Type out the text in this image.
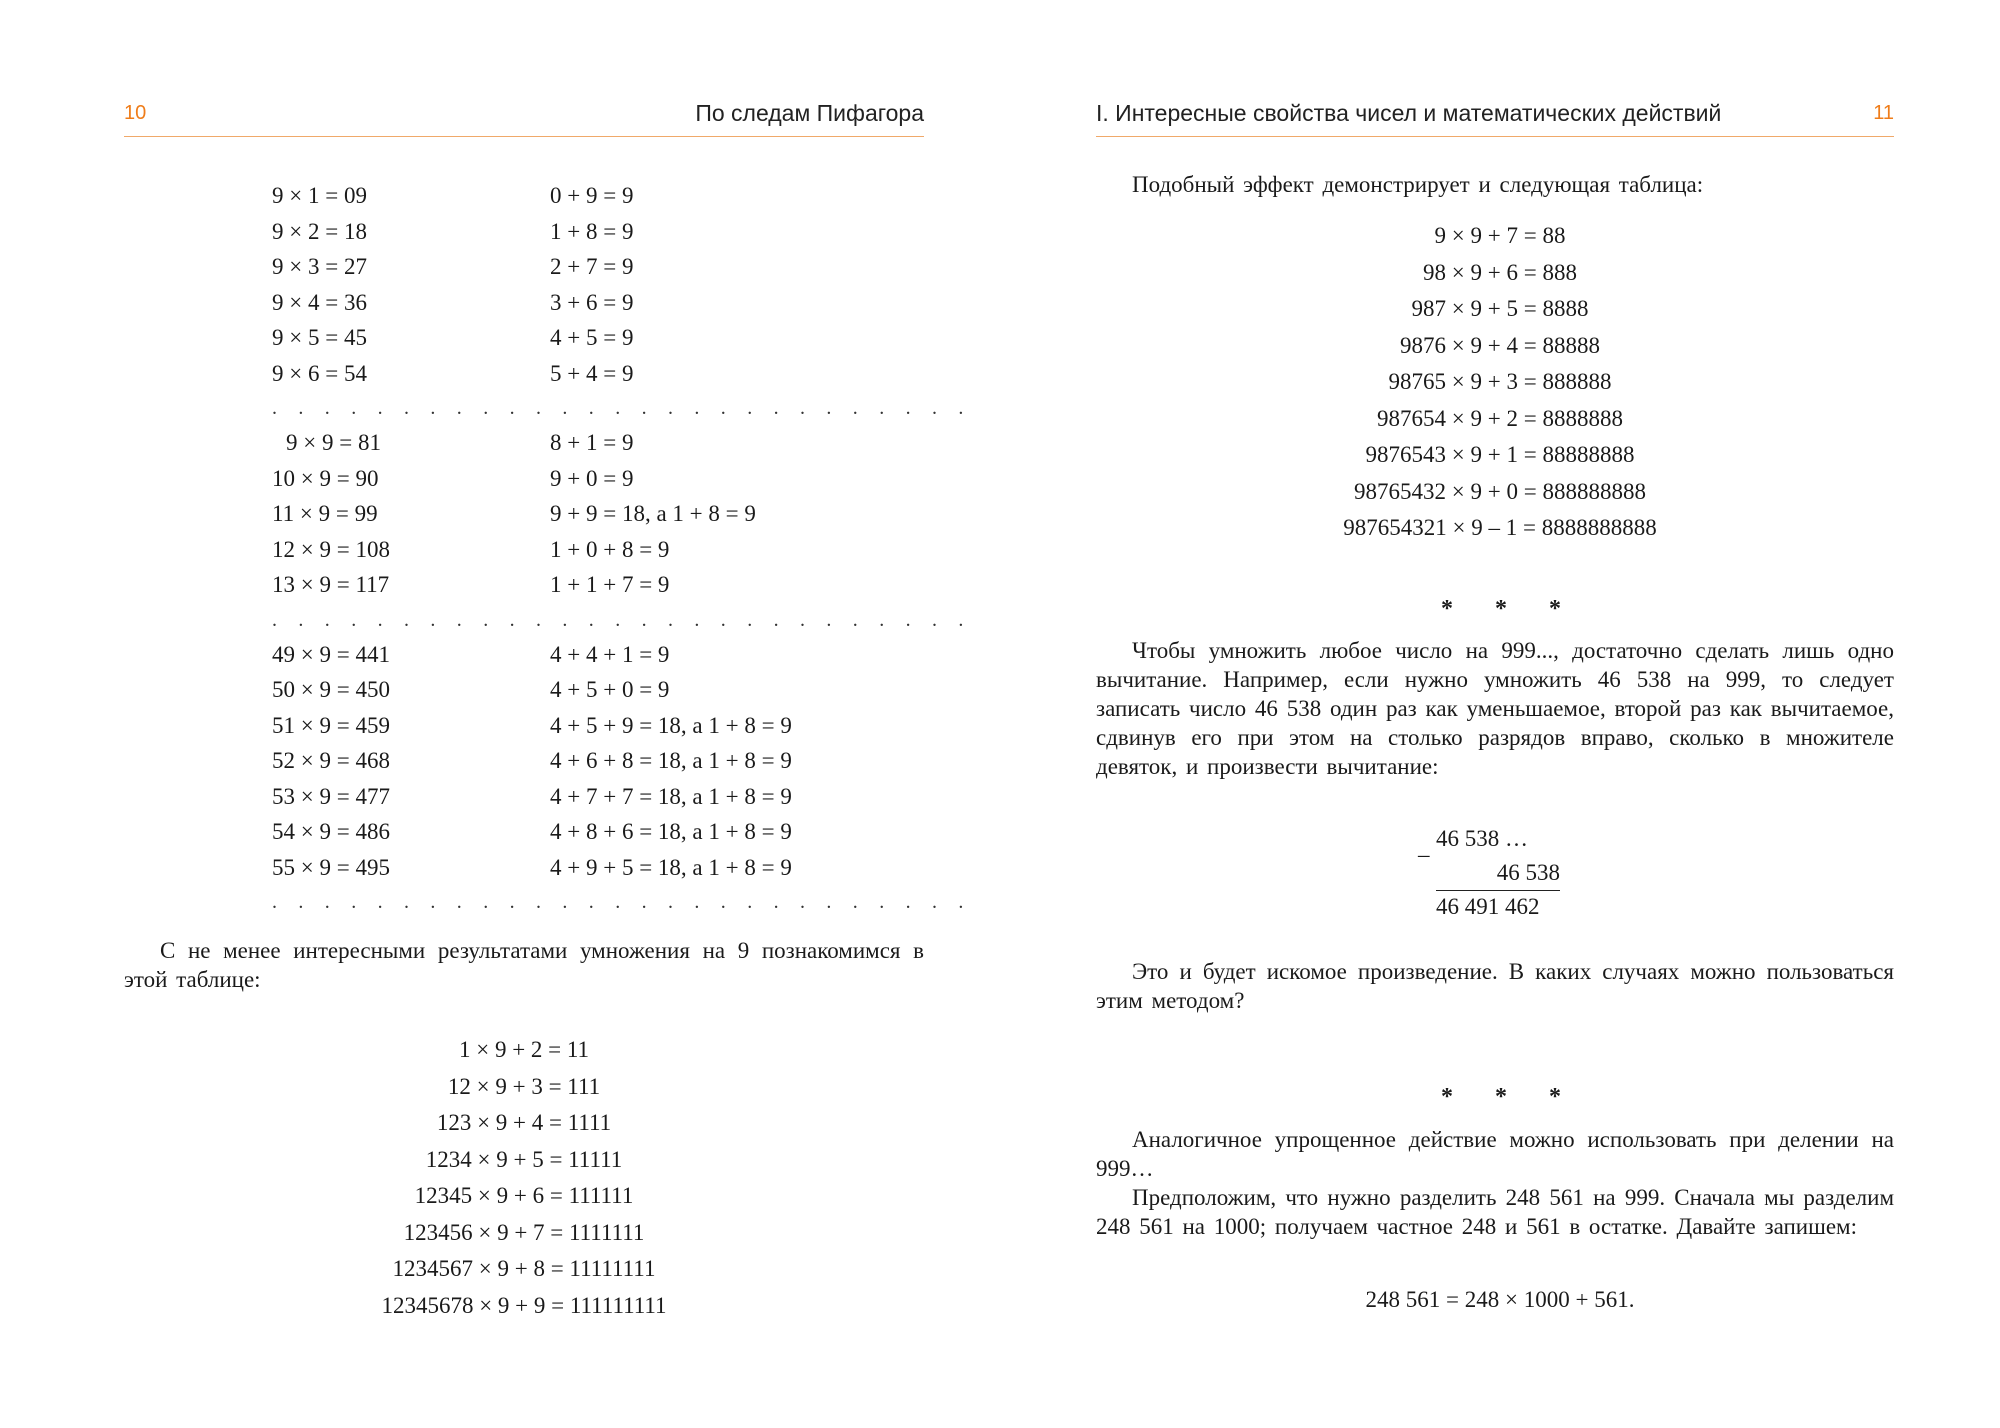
10	По следам Пифагора
9 × 1 = 09	0 + 9 = 9
9 × 2 = 18	1 + 8 = 9
9 × 3 = 27	2 + 7 = 9
9 × 4 = 36	3 + 6 = 9
9 × 5 = 45	4 + 5 = 9
9 × 6 = 54	5 + 4 = 9
. . . . . . . . . . . . . . . . . . . . . . . . . . .
9 × 9 = 81	8 + 1 = 9
10 × 9 = 90	9 + 0 = 9
11 × 9 = 99	9 + 9 = 18, а 1 + 8 = 9
12 × 9 = 108	1 + 0 + 8 = 9
13 × 9 = 117	1 + 1 + 7 = 9
. . . . . . . . . . . . . . . . . . . . . . . . . . .
49 × 9 = 441	4 + 4 + 1 = 9
50 × 9 = 450	4 + 5 + 0 = 9
51 × 9 = 459	4 + 5 + 9 = 18, а 1 + 8 = 9
52 × 9 = 468	4 + 6 + 8 = 18, а 1 + 8 = 9
53 × 9 = 477	4 + 7 + 7 = 18, а 1 + 8 = 9
54 × 9 = 486	4 + 8 + 6 = 18, а 1 + 8 = 9
55 × 9 = 495	4 + 9 + 5 = 18, а 1 + 8 = 9
. . . . . . . . . . . . . . . . . . . . . . . . . . .

С не менее интересными результатами умножения на 9 познакомимся в этой таблице:

1 × 9 + 2 = 11
12 × 9 + 3 = 111
123 × 9 + 4 = 1111
1234 × 9 + 5 = 11111
12345 × 9 + 6 = 111111
123456 × 9 + 7 = 1111111
1234567 × 9 + 8 = 11111111
12345678 × 9 + 9 = 111111111
I. Интересные свойства чисел и математических действий	11

Подобный эффект демонстрирует и следующая таблица:

9 × 9 + 7 = 88
98 × 9 + 6 = 888
987 × 9 + 5 = 8888
9876 × 9 + 4 = 88888
98765 × 9 + 3 = 888888
987654 × 9 + 2 = 8888888
9876543 × 9 + 1 = 88888888
98765432 × 9 + 0 = 888888888
987654321 × 9 – 1 = 8888888888
* * *

Чтобы умножить любое число на 999..., достаточно сделать лишь одно вычитание. Например, если нужно умножить 46 538 на 999, то следует записать число 46 538 один раз как уменьшаемое, второй раз как вычитаемое, сдвинув его при этом на столько разрядов вправо, сколько в множителе девяток, и произвести вычитание:

Это и будет искомое произведение. В каких случаях можно пользоваться этим методом?

* * *

Аналогичное упрощенное действие можно использовать при делении на 999…

Предположим, что нужно разделить 248 561 на 999. Сначала мы разделим 248 561 на 1000; получаем частное 248 и 561 в остатке. Давайте запишем:

248 561 = 248 × 1000 + 561.
–
46 538 …
46 538
46 491 462
